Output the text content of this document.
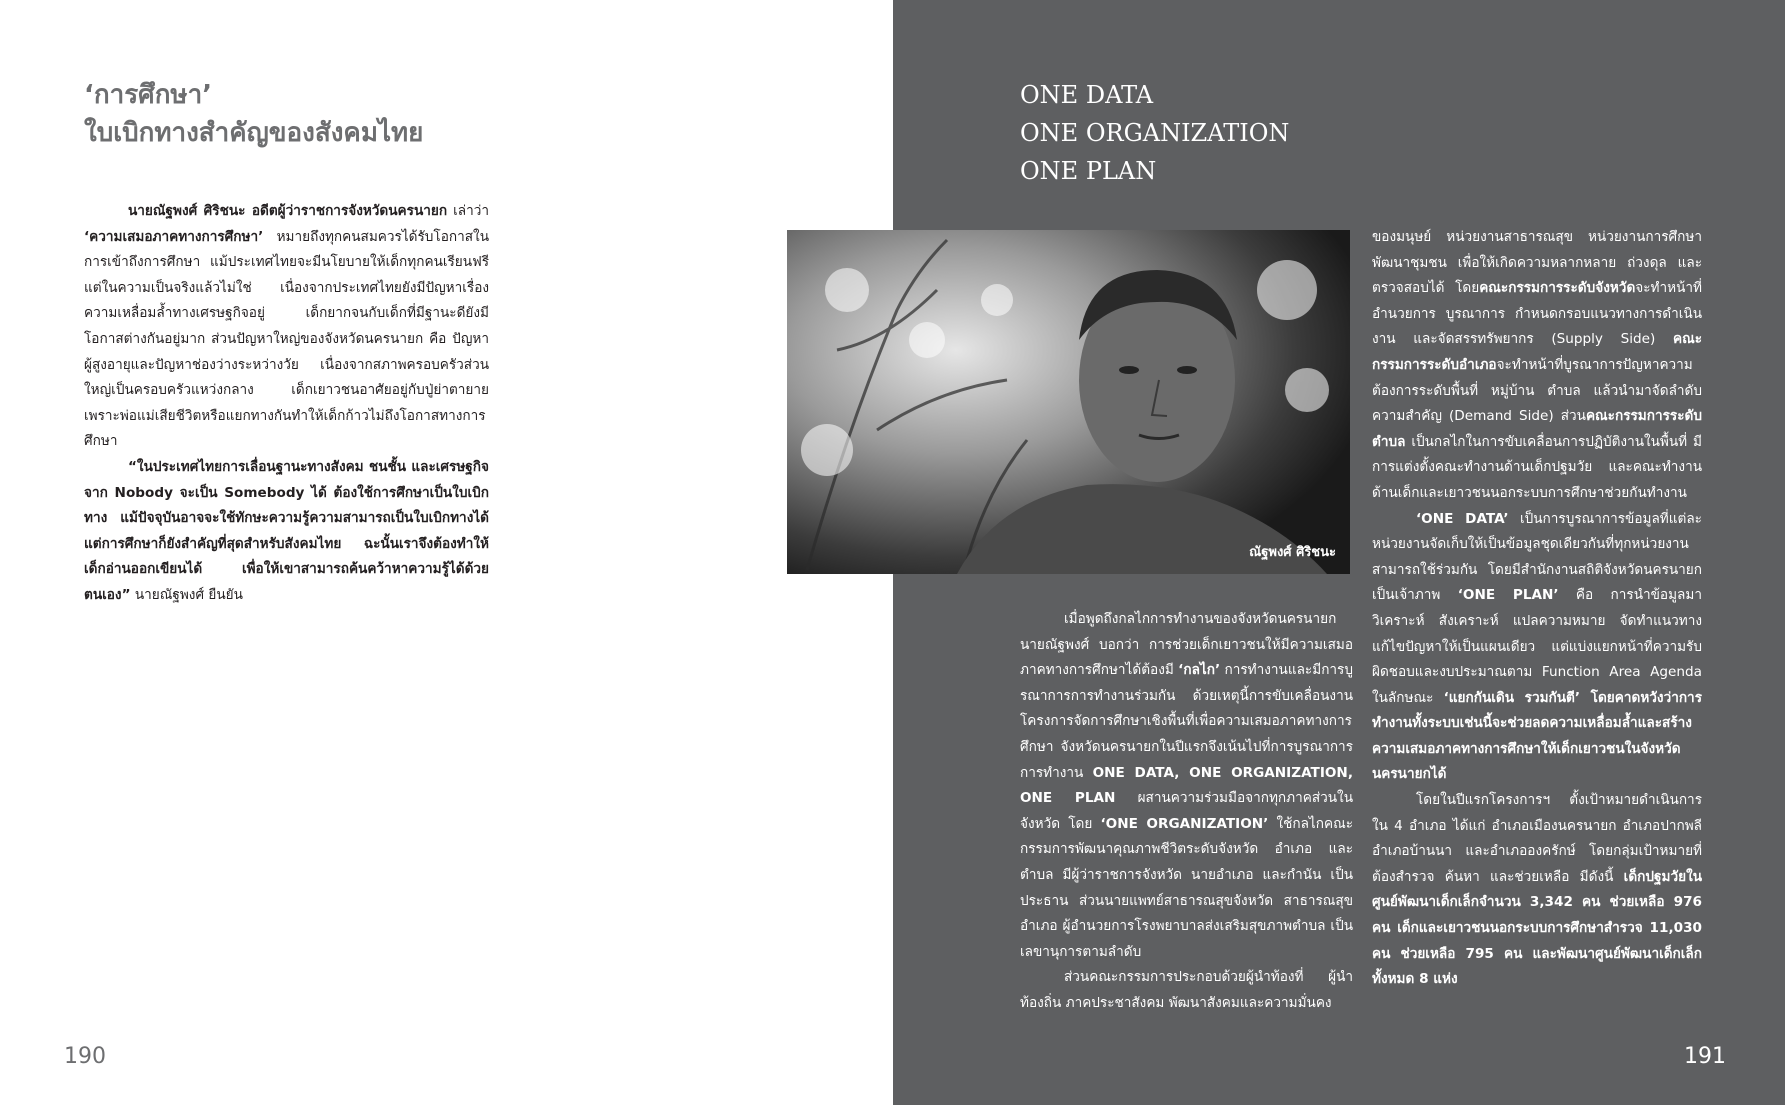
‘การศึกษา’
ใบเบิกทางสำคัญของสังคมไทย

นายณัฐพงศ์ ศิริชนะ อดีตผู้ว่าราชการจังหวัดนครนายก เล่าว่า ‘ความเสมอภาคทางการศึกษา’ หมายถึงทุกคนสมควรได้รับโอกาสในการเข้าถึงการศึกษา แม้ประเทศไทยจะมีนโยบายให้เด็กทุกคนเรียนฟรี แต่ในความเป็นจริงแล้วไม่ใช่ เนื่องจากประเทศไทยยังมีปัญหาเรื่องความเหลื่อมล้ำทางเศรษฐกิจอยู่ เด็กยากจนกับเด็กที่มีฐานะดียังมีโอกาสต่างกันอยู่มาก ส่วนปัญหาใหญ่ของจังหวัดนครนายก คือ ปัญหาผู้สูงอายุและปัญหาช่องว่างระหว่างวัย เนื่องจากสภาพครอบครัวส่วนใหญ่เป็นครอบครัวแหว่งกลาง เด็กเยาวชนอาศัยอยู่กับปู่ย่าตายาย เพราะพ่อแม่เสียชีวิตหรือแยกทางกันทำให้เด็กก้าวไม่ถึงโอกาสทางการศึกษา

“ในประเทศไทยการเลื่อนฐานะทางสังคม ชนชั้น และเศรษฐกิจ จาก Nobody จะเป็น Somebody ได้ ต้องใช้การศึกษาเป็นใบเบิกทาง แม้ปัจจุบันอาจจะใช้ทักษะความรู้ความสามารถเป็นใบเบิกทางได้ แต่การศึกษาก็ยังสำคัญที่สุดสำหรับสังคมไทย ฉะนั้นเราจึงต้องทำให้เด็กอ่านออกเขียนได้ เพื่อให้เขาสามารถค้นคว้าหาความรู้ได้ด้วยตนเอง” นายณัฐพงศ์ ยืนยัน

190
ONE DATA
ONE ORGANIZATION
ONE PLAN
ณัฐพงศ์ ศิริชนะ

เมื่อพูดถึงกลไกการทำงานของจังหวัดนครนายก นายณัฐพงศ์ บอกว่า การช่วยเด็กเยาวชนให้มีความเสมอภาคทางการศึกษาได้ต้องมี ‘กลไก’ การทำงานและมีการบูรณาการการทำงานร่วมกัน ด้วยเหตุนี้การขับเคลื่อนงานโครงการจัดการศึกษาเชิงพื้นที่เพื่อความเสมอภาคทางการศึกษา จังหวัดนครนายกในปีแรกจึงเน้นไปที่การบูรณาการการทำงาน ONE DATA, ONE ORGANIZATION, ONE PLAN ผสานความร่วมมือจากทุกภาคส่วนในจังหวัด โดย ‘ONE ORGANIZATION’ ใช้กลไกคณะกรรมการพัฒนาคุณภาพชีวิตระดับจังหวัด อำเภอ และตำบล มีผู้ว่าราชการจังหวัด นายอำเภอ และกำนัน เป็นประธาน ส่วนนายแพทย์สาธารณสุขจังหวัด สาธารณสุขอำเภอ ผู้อำนวยการโรงพยาบาลส่งเสริมสุขภาพตำบล เป็นเลขานุการตามลำดับ

ส่วนคณะกรรมการประกอบด้วยผู้นำท้องที่ ผู้นำท้องถิ่น ภาคประชาสังคม พัฒนาสังคมและความมั่นคง

ของมนุษย์ หน่วยงานสาธารณสุข หน่วยงานการศึกษา พัฒนาชุมชน เพื่อให้เกิดความหลากหลาย ถ่วงดุล และตรวจสอบได้ โดยคณะกรรมการระดับจังหวัดจะทำหน้าที่อำนวยการ บูรณาการ กำหนดกรอบแนวทางการดำเนินงาน และจัดสรรทรัพยากร (Supply Side) คณะกรรมการระดับอำเภอจะทำหน้าที่บูรณาการปัญหาความต้องการระดับพื้นที่ หมู่บ้าน ตำบล แล้วนำมาจัดลำดับความสำคัญ (Demand Side) ส่วนคณะกรรมการระดับตำบล เป็นกลไกในการขับเคลื่อนการปฏิบัติงานในพื้นที่ มีการแต่งตั้งคณะทำงานด้านเด็กปฐมวัย และคณะทำงานด้านเด็กและเยาวชนนอกระบบการศึกษาช่วยกันทำงาน

‘ONE DATA’ เป็นการบูรณาการข้อมูลที่แต่ละหน่วยงานจัดเก็บให้เป็นข้อมูลชุดเดียวกันที่ทุกหน่วยงานสามารถใช้ร่วมกัน โดยมีสำนักงานสถิติจังหวัดนครนายกเป็นเจ้าภาพ ‘ONE PLAN’ คือ การนำข้อมูลมาวิเคราะห์ สังเคราะห์ แปลความหมาย จัดทำแนวทางแก้ไขปัญหาให้เป็นแผนเดียว แต่แบ่งแยกหน้าที่ความรับผิดชอบและงบประมาณตาม Function Area Agenda ในลักษณะ ‘แยกกันเดิน รวมกันตี’ โดยคาดหวังว่าการทำงานทั้งระบบเช่นนี้จะช่วยลดความเหลื่อมล้ำและสร้างความเสมอภาคทางการศึกษาให้เด็กเยาวชนในจังหวัดนครนายกได้

โดยในปีแรกโครงการฯ ตั้งเป้าหมายดำเนินการใน 4 อำเภอ ได้แก่ อำเภอเมืองนครนายก อำเภอปากพลี อำเภอบ้านนา และอำเภอองครักษ์ โดยกลุ่มเป้าหมายที่ต้องสำรวจ ค้นหา และช่วยเหลือ มีดังนี้ เด็กปฐมวัยในศูนย์พัฒนาเด็กเล็กจำนวน 3,342 คน ช่วยเหลือ 976 คน เด็กและเยาวชนนอกระบบการศึกษาสำรวจ 11,030 คน ช่วยเหลือ 795 คน และพัฒนาศูนย์พัฒนาเด็กเล็กทั้งหมด 8 แห่ง

191
